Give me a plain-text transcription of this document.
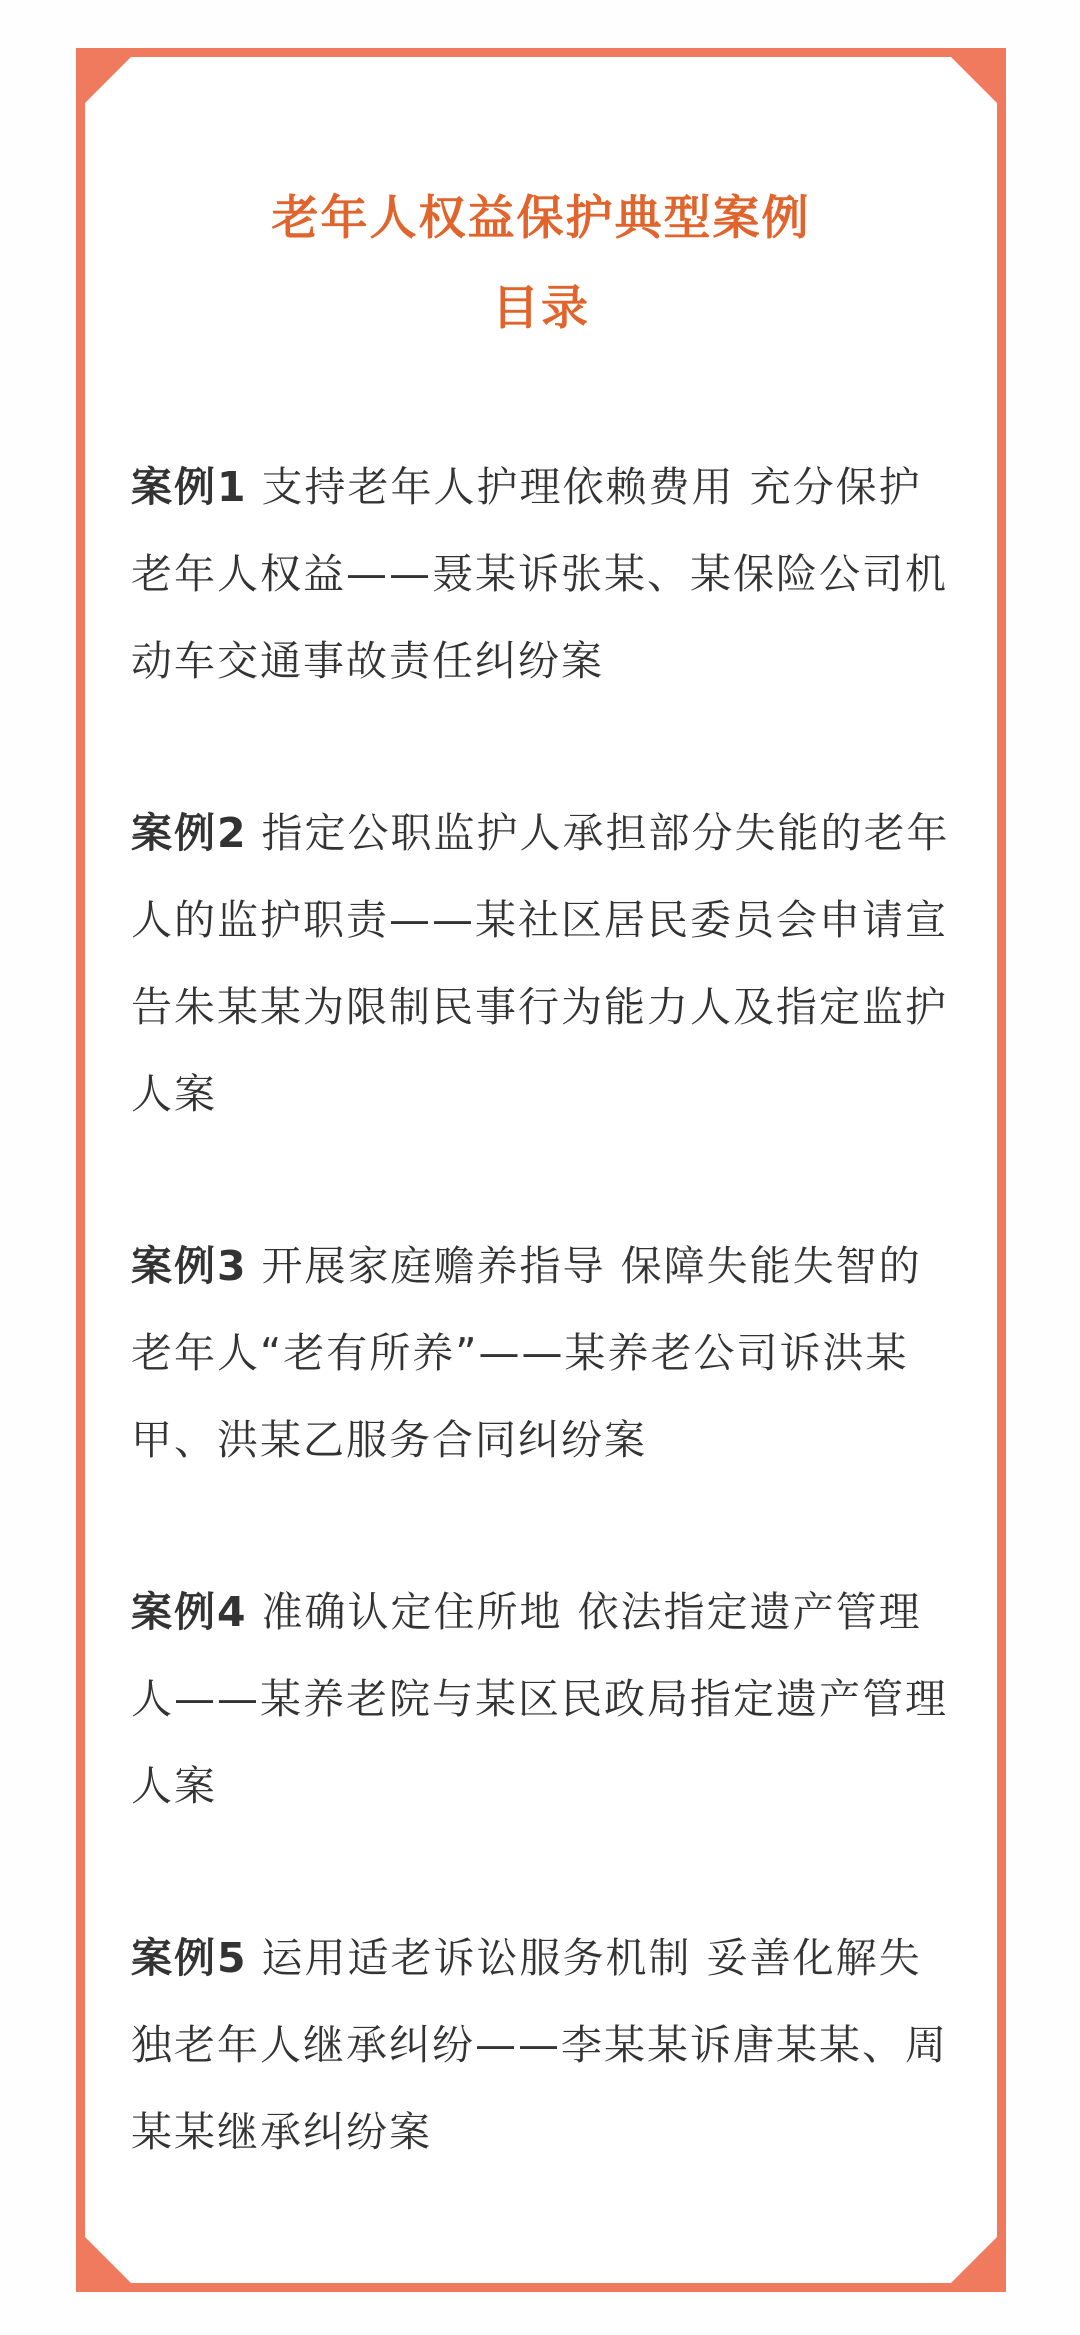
老年人权益保护典型案例
目录
案例1 支持老年人护理依赖费用 充分保护老年人权益——聂某诉张某、某保险公司机动车交通事故责任纠纷案
案例2 指定公职监护人承担部分失能的老年人的监护职责——某社区居民委员会申请宣告朱某某为限制民事行为能力人及指定监护人案
案例3 开展家庭赡养指导 保障失能失智的老年人“老有所养”——某养老公司诉洪某甲、洪某乙服务合同纠纷案
案例4 准确认定住所地 依法指定遗产管理人——某养老院与某区民政局指定遗产管理人案
案例5 运用适老诉讼服务机制 妥善化解失独老年人继承纠纷——李某某诉唐某某、周某某继承纠纷案
